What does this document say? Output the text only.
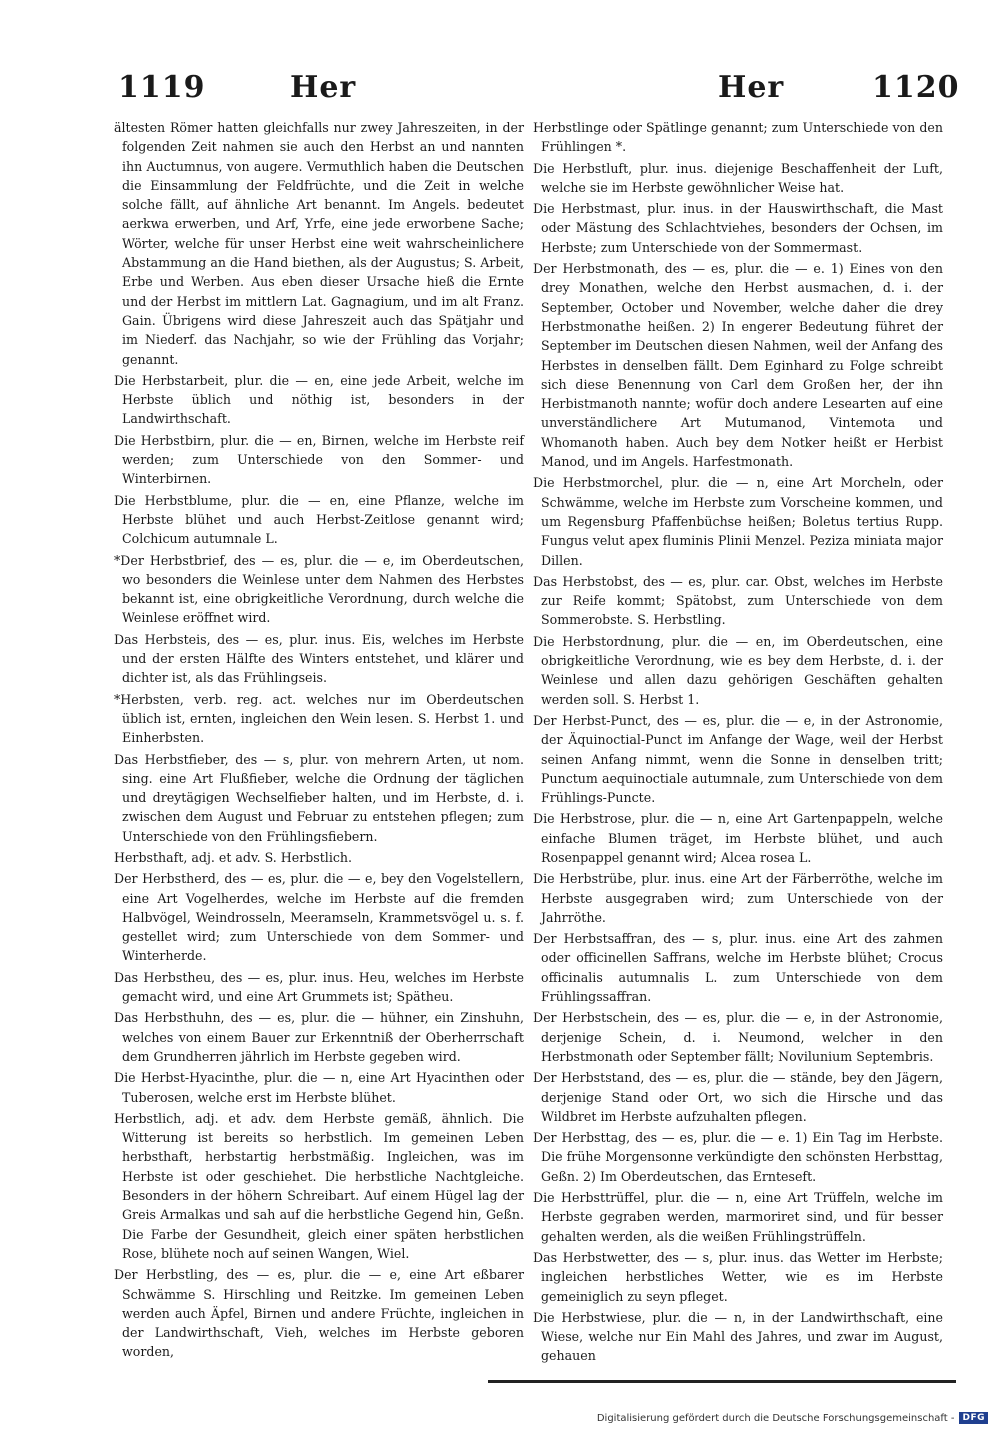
1119	Her	Her	1120

ältesten Römer hatten gleichfalls nur zwey Jahreszeiten, in der folgenden Zeit nahmen sie auch den Herbst an und nannten ihn Auctumnus, von augere. Vermuthlich haben die Deutschen die Einsammlung der Feldfrüchte, und die Zeit in welche solche fällt, auf ähnliche Art benannt. Im Angels. bedeutet aerkwa erwerben, und Arf, Yrfe, eine jede erworbene Sache; Wörter, welche für unser Herbst eine weit wahrscheinlichere Abstammung an die Hand biethen, als der Augustus; S. Arbeit, Erbe und Werben. Aus eben dieser Ursache hieß die Ernte und der Herbst im mittlern Lat. Gagnagium, und im alt Franz. Gain. Übrigens wird diese Jahreszeit auch das Spätjahr und im Niederf. das Nachjahr, so wie der Frühling das Vorjahr; genannt.

Die Herbstarbeit, plur. die — en, eine jede Arbeit, welche im Herbste üblich und nöthig ist, besonders in der Landwirthschaft.

Die Herbstbirn, plur. die — en, Birnen, welche im Herbste reif werden; zum Unterschiede von den Sommer- und Winterbirnen.

Die Herbstblume, plur. die — en, eine Pflanze, welche im Herbste blühet und auch Herbst-Zeitlose genannt wird; Colchicum autumnale L.

*Der Herbstbrief, des — es, plur. die — e, im Oberdeutschen, wo besonders die Weinlese unter dem Nahmen des Herbstes bekannt ist, eine obrigkeitliche Verordnung, durch welche die Weinlese eröffnet wird.

Das Herbsteis, des — es, plur. inus. Eis, welches im Herbste und der ersten Hälfte des Winters entstehet, und klärer und dichter ist, als das Frühlingseis.

*Herbsten, verb. reg. act. welches nur im Oberdeutschen üblich ist, ernten, ingleichen den Wein lesen. S. Herbst 1. und Einherbsten.

Das Herbstfieber, des — s, plur. von mehrern Arten, ut nom. sing. eine Art Flußfieber, welche die Ordnung der täglichen und dreytägigen Wechselfieber halten, und im Herbste, d. i. zwischen dem August und Februar zu entstehen pflegen; zum Unterschiede von den Frühlingsfiebern.

Herbsthaft, adj. et adv. S. Herbstlich.

Der Herbstherd, des — es, plur. die — e, bey den Vogelstellern, eine Art Vogelherdes, welche im Herbste auf die fremden Halbvögel, Weindrosseln, Meeramseln, Krammetsvögel u. s. f. gestellet wird; zum Unterschiede von dem Sommer- und Winterherde.

Das Herbstheu, des — es, plur. inus. Heu, welches im Herbste gemacht wird, und eine Art Grummets ist; Spätheu.

Das Herbsthuhn, des — es, plur. die — hühner, ein Zinshuhn, welches von einem Bauer zur Erkenntniß der Oberherrschaft dem Grundherren jährlich im Herbste gegeben wird.

Die Herbst-Hyacinthe, plur. die — n, eine Art Hyacinthen oder Tuberosen, welche erst im Herbste blühet.

Herbstlich, adj. et adv. dem Herbste gemäß, ähnlich. Die Witterung ist bereits so herbstlich. Im gemeinen Leben herbsthaft, herbstartig herbstmäßig. Ingleichen, was im Herbste ist oder geschiehet. Die herbstliche Nachtgleiche. Besonders in der höhern Schreibart. Auf einem Hügel lag der Greis Armalkas und sah auf die herbstliche Gegend hin, Geßn. Die Farbe der Gesundheit, gleich einer späten herbstlichen Rose, blühete noch auf seinen Wangen, Wiel.

Der Herbstling, des — es, plur. die — e, eine Art eßbarer Schwämme S. Hirschling und Reitzke. Im gemeinen Leben werden auch Äpfel, Birnen und andere Früchte, ingleichen in der Landwirthschaft, Vieh, welches im Herbste geboren worden,

Herbstlinge oder Spätlinge genannt; zum Unterschiede von den Frühlingen *.

Die Herbstluft, plur. inus. diejenige Beschaffenheit der Luft, welche sie im Herbste gewöhnlicher Weise hat.

Die Herbstmast, plur. inus. in der Hauswirthschaft, die Mast oder Mästung des Schlachtviehes, besonders der Ochsen, im Herbste; zum Unterschiede von der Sommermast.

Der Herbstmonath, des — es, plur. die — e. 1) Eines von den drey Monathen, welche den Herbst ausmachen, d. i. der September, October und November, welche daher die drey Herbstmonathe heißen. 2) In engerer Bedeutung führet der September im Deutschen diesen Nahmen, weil der Anfang des Herbstes in denselben fällt. Dem Eginhard zu Folge schreibt sich diese Benennung von Carl dem Großen her, der ihn Herbistmanoth nannte; wofür doch andere Lesearten auf eine unverständlichere Art Mutumanod, Vintemota und Whomanoth haben. Auch bey dem Notker heißt er Herbist Manod, und im Angels. Harfestmonath.

Die Herbstmorchel, plur. die — n, eine Art Morcheln, oder Schwämme, welche im Herbste zum Vorscheine kommen, und um Regensburg Pfaffenbüchse heißen; Boletus tertius Rupp. Fungus velut apex fluminis Plinii Menzel. Peziza miniata major Dillen.

Das Herbstobst, des — es, plur. car. Obst, welches im Herbste zur Reife kommt; Spätobst, zum Unterschiede von dem Sommerobste. S. Herbstling.

Die Herbstordnung, plur. die — en, im Oberdeutschen, eine obrigkeitliche Verordnung, wie es bey dem Herbste, d. i. der Weinlese und allen dazu gehörigen Geschäften gehalten werden soll. S. Herbst 1.

Der Herbst-Punct, des — es, plur. die — e, in der Astronomie, der Äquinoctial-Punct im Anfange der Wage, weil der Herbst seinen Anfang nimmt, wenn die Sonne in denselben tritt; Punctum aequinoctiale autumnale, zum Unterschiede von dem Frühlings-Puncte.

Die Herbstrose, plur. die — n, eine Art Gartenpappeln, welche einfache Blumen träget, im Herbste blühet, und auch Rosenpappel genannt wird; Alcea rosea L.

Die Herbstrübe, plur. inus. eine Art der Färberröthe, welche im Herbste ausgegraben wird; zum Unterschiede von der Jahrröthe.

Der Herbstsaffran, des — s, plur. inus. eine Art des zahmen oder officinellen Saffrans, welche im Herbste blühet; Crocus officinalis autumnalis L. zum Unterschiede von dem Frühlingssaffran.

Der Herbstschein, des — es, plur. die — e, in der Astronomie, derjenige Schein, d. i. Neumond, welcher in den Herbstmonath oder September fällt; Novilunium Septembris.

Der Herbststand, des — es, plur. die — stände, bey den Jägern, derjenige Stand oder Ort, wo sich die Hirsche und das Wildbret im Herbste aufzuhalten pflegen.

Der Herbsttag, des — es, plur. die — e. 1) Ein Tag im Herbste. Die frühe Morgensonne verkündigte den schönsten Herbsttag, Geßn. 2) Im Oberdeutschen, das Ernteseft.

Die Herbsttrüffel, plur. die — n, eine Art Trüffeln, welche im Herbste gegraben werden, marmoriret sind, und für besser gehalten werden, als die weißen Frühlingstrüffeln.

Das Herbstwetter, des — s, plur. inus. das Wetter im Herbste; ingleichen herbstliches Wetter, wie es im Herbste gemeiniglich zu seyn pfleget.

Die Herbstwiese, plur. die — n, in der Landwirthschaft, eine Wiese, welche nur Ein Mahl des Jahres, und zwar im August, gehauen

Digitalisierung gefördert durch die Deutsche Forschungsgemeinschaft - DFG
